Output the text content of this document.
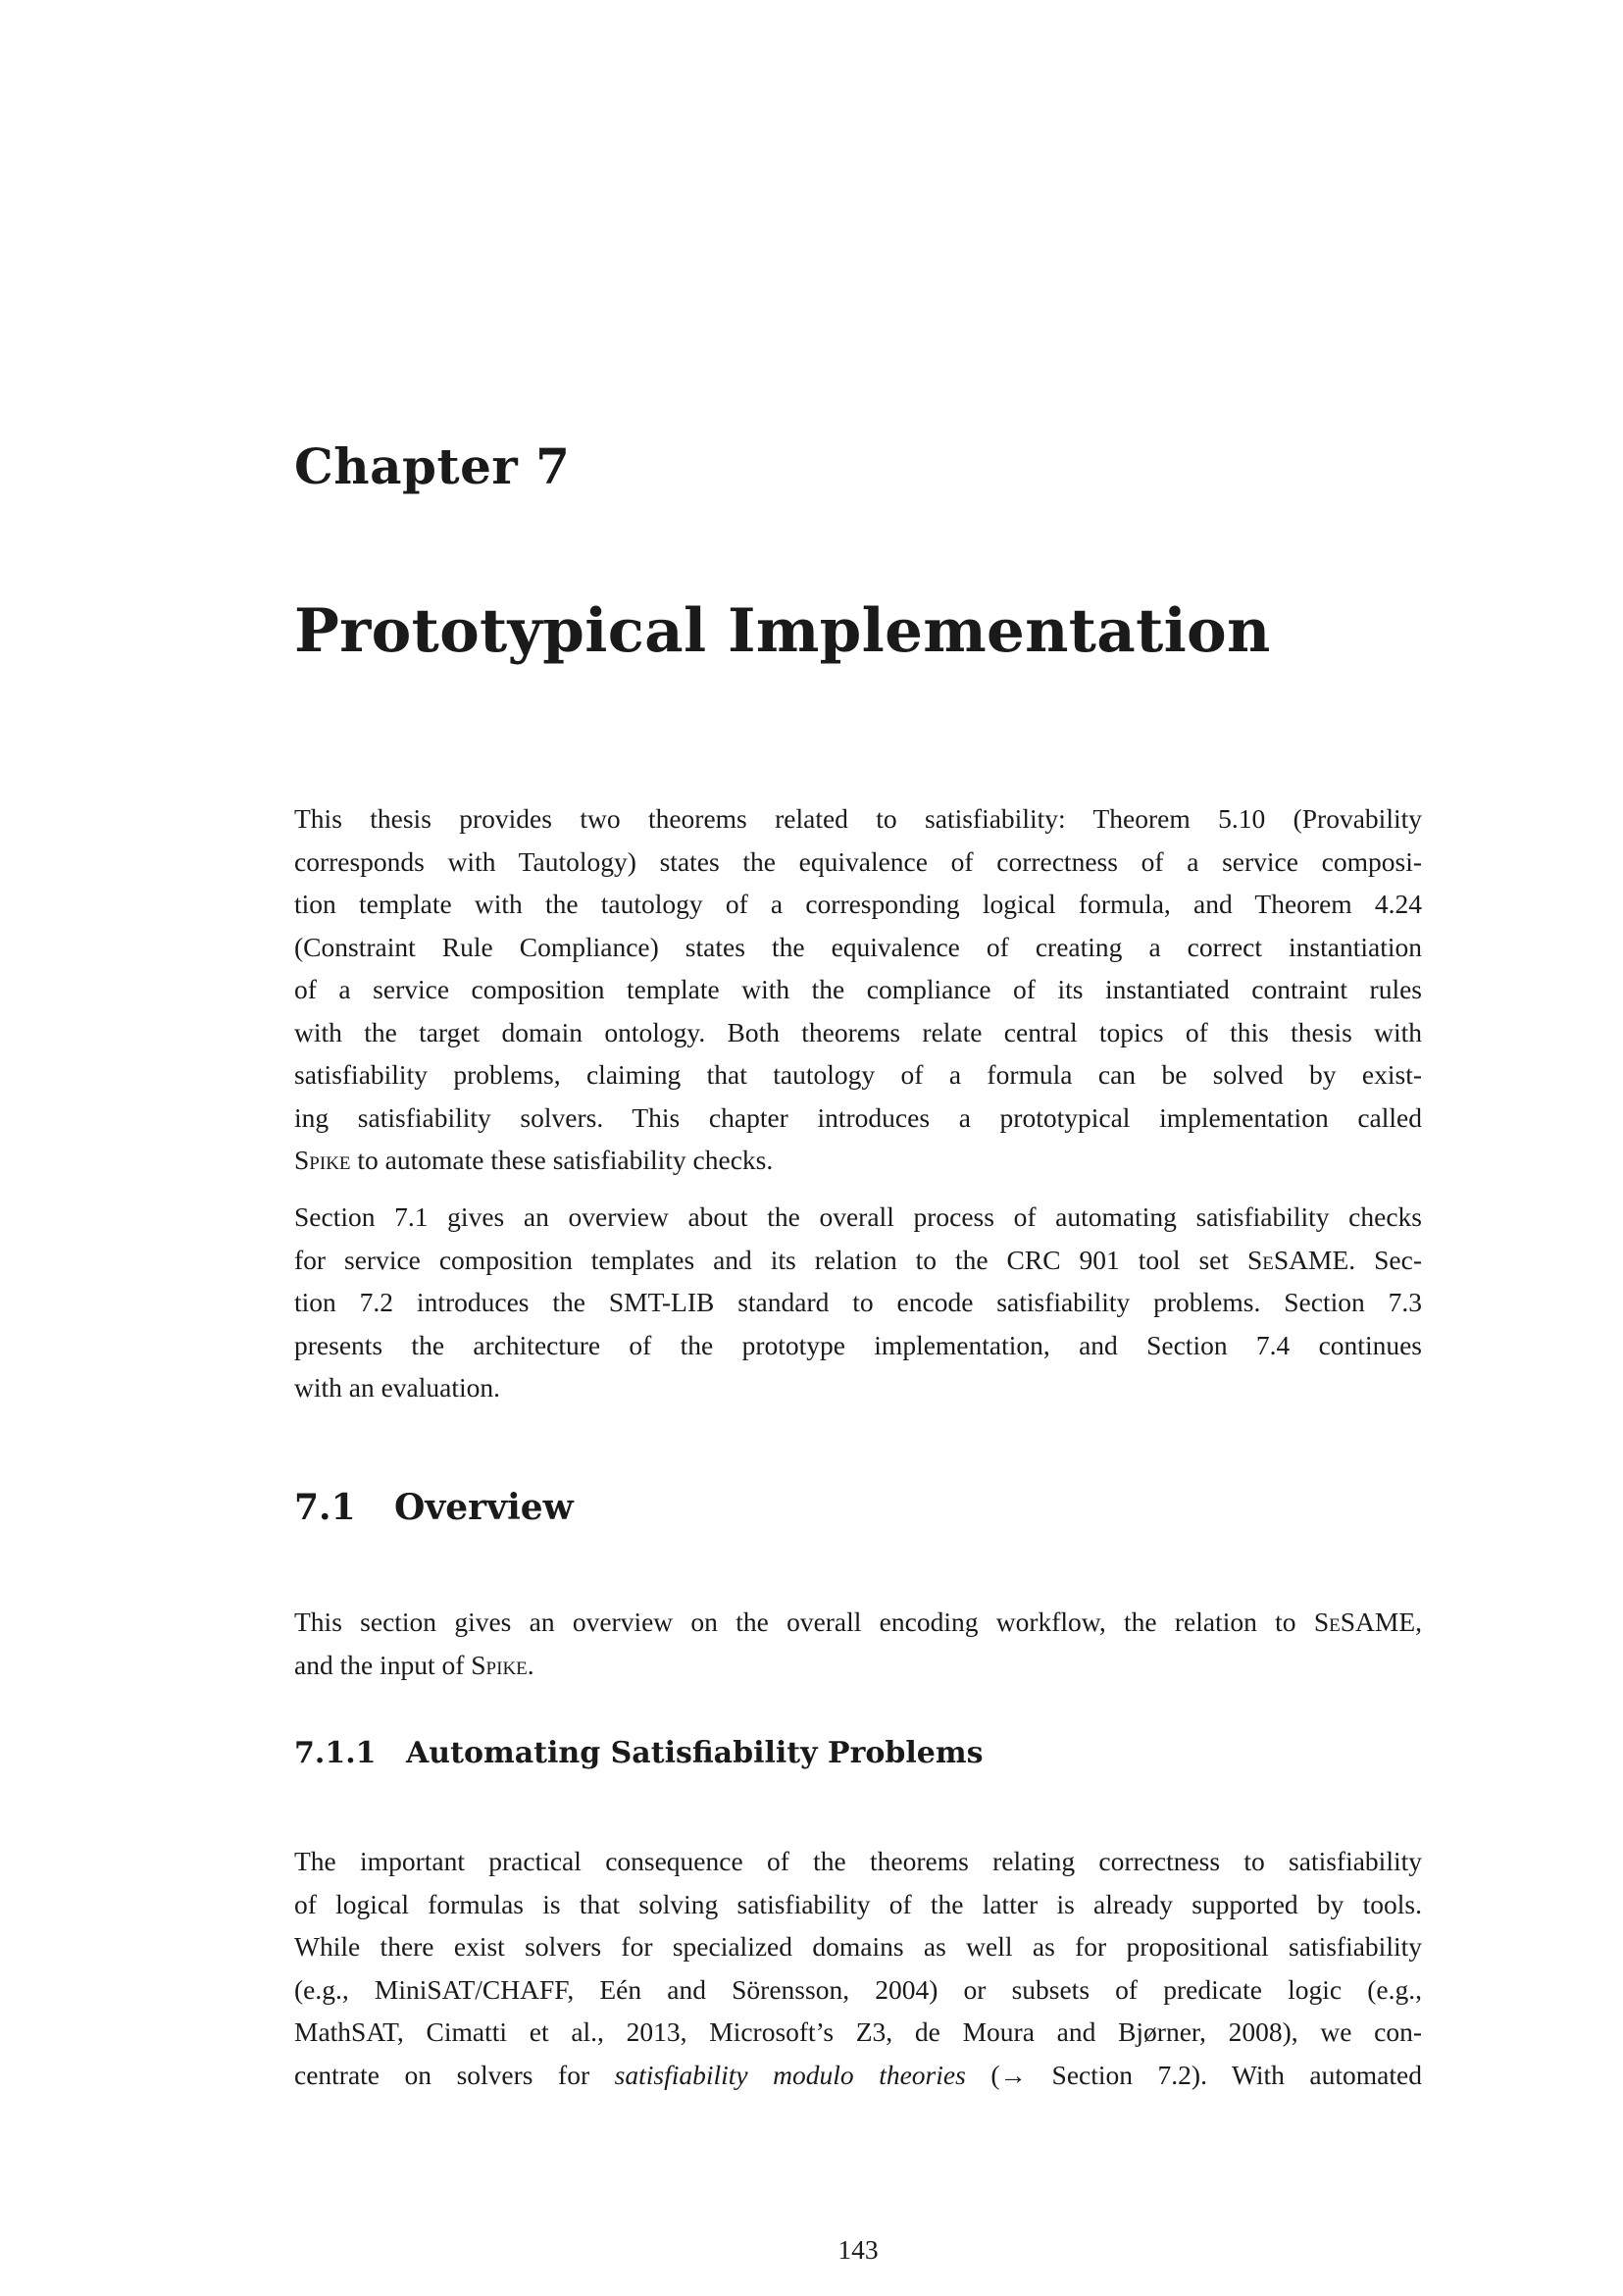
Chapter 7
Prototypical Implementation

This thesis provides two theorems related to satisfiability: Theorem 5.10 (Provability
corresponds with Tautology) states the equivalence of correctness of a service composi-
tion template with the tautology of a corresponding logical formula, and Theorem 4.24
(Constraint Rule Compliance) states the equivalence of creating a correct instantiation
of a service composition template with the compliance of its instantiated contraint rules
with the target domain ontology. Both theorems relate central topics of this thesis with
satisfiability problems, claiming that tautology of a formula can be solved by exist-
ing satisfiability solvers. This chapter introduces a prototypical implementation called
Spike to automate these satisfiability checks.

Section 7.1 gives an overview about the overall process of automating satisfiability checks
for service composition templates and its relation to the CRC 901 tool set SeSAME. Sec-
tion 7.2 introduces the SMT-LIB standard to encode satisfiability problems. Section 7.3
presents the architecture of the prototype implementation, and Section 7.4 continues
with an evaluation.

7.1 Overview

This section gives an overview on the overall encoding workflow, the relation to SeSAME,
and the input of Spike.

7.1.1 Automating Satisfiability Problems

The important practical consequence of the theorems relating correctness to satisfiability
of logical formulas is that solving satisfiability of the latter is already supported by tools.
While there exist solvers for specialized domains as well as for propositional satisfiability
(e.g., MiniSAT/CHAFF, Eén and Sörensson, 2004) or subsets of predicate logic (e.g.,
MathSAT, Cimatti et al., 2013, Microsoft’s Z3, de Moura and Bjørner, 2008), we con-
centrate on solvers for satisfiability modulo theories (→ Section 7.2). With automated

143
